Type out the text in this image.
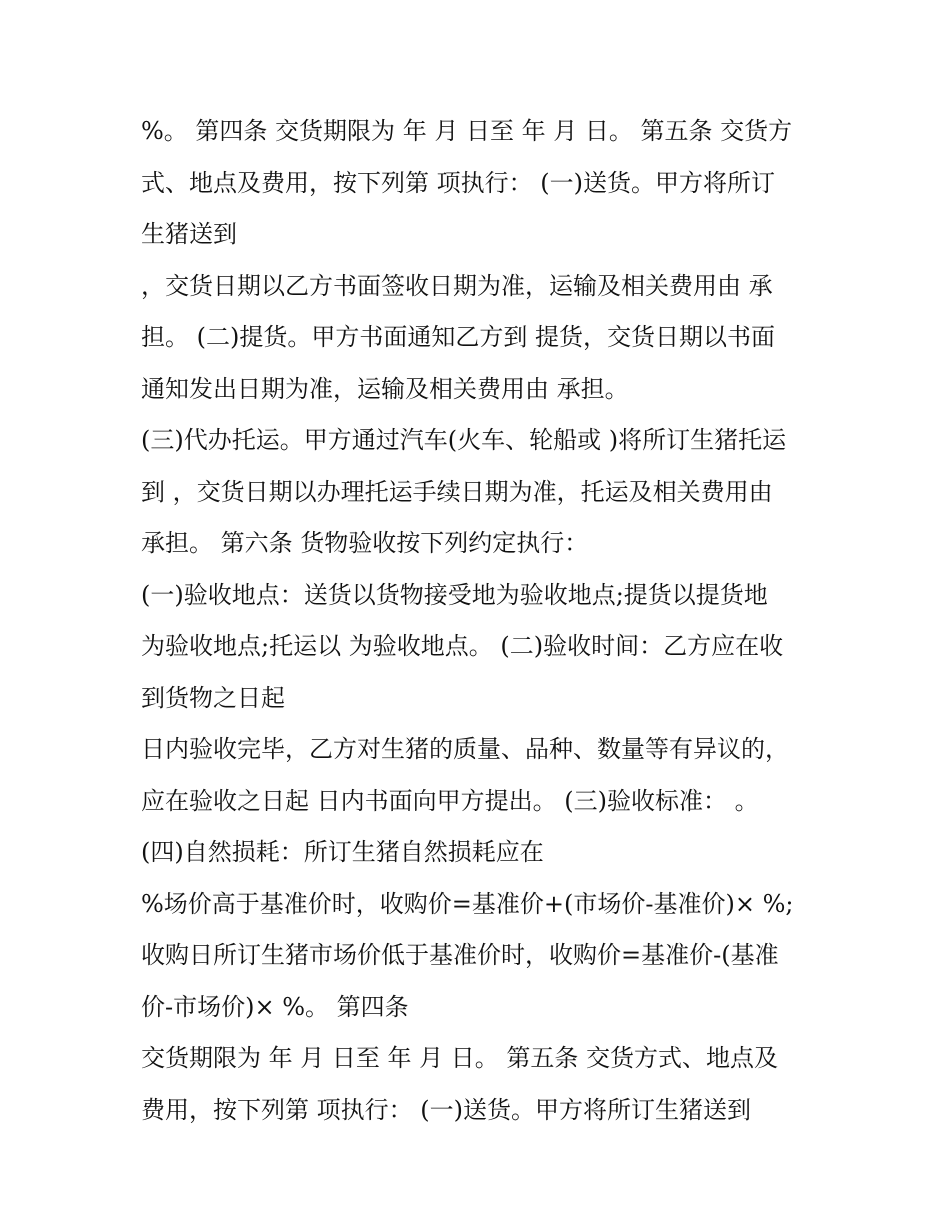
%。 第四条 交货期限为 年 月 日至 年 月 日。 第五条 交货方
式、地点及费用，按下列第 项执行： (一)送货。甲方将所订
生猪送到
，交货日期以乙方书面签收日期为准，运输及相关费用由 承
担。 (二)提货。甲方书面通知乙方到 提货，交货日期以书面
通知发出日期为准，运输及相关费用由 承担。
(三)代办托运。甲方通过汽车(火车、轮船或 )将所订生猪托运
到 ，交货日期以办理托运手续日期为准，托运及相关费用由
承担。 第六条 货物验收按下列约定执行：
(一)验收地点：送货以货物接受地为验收地点;提货以提货地
为验收地点;托运以 为验收地点。 (二)验收时间：乙方应在收
到货物之日起
日内验收完毕，乙方对生猪的质量、品种、数量等有异议的，
应在验收之日起 日内书面向甲方提出。 (三)验收标准： 。
(四)自然损耗：所订生猪自然损耗应在
%场价高于基准价时，收购价=基准价+(市场价-基准价)× %;
收购日所订生猪市场价低于基准价时，收购价=基准价-(基准
价-市场价)× %。 第四条
交货期限为 年 月 日至 年 月 日。 第五条 交货方式、地点及
费用，按下列第 项执行： (一)送货。甲方将所订生猪送到
